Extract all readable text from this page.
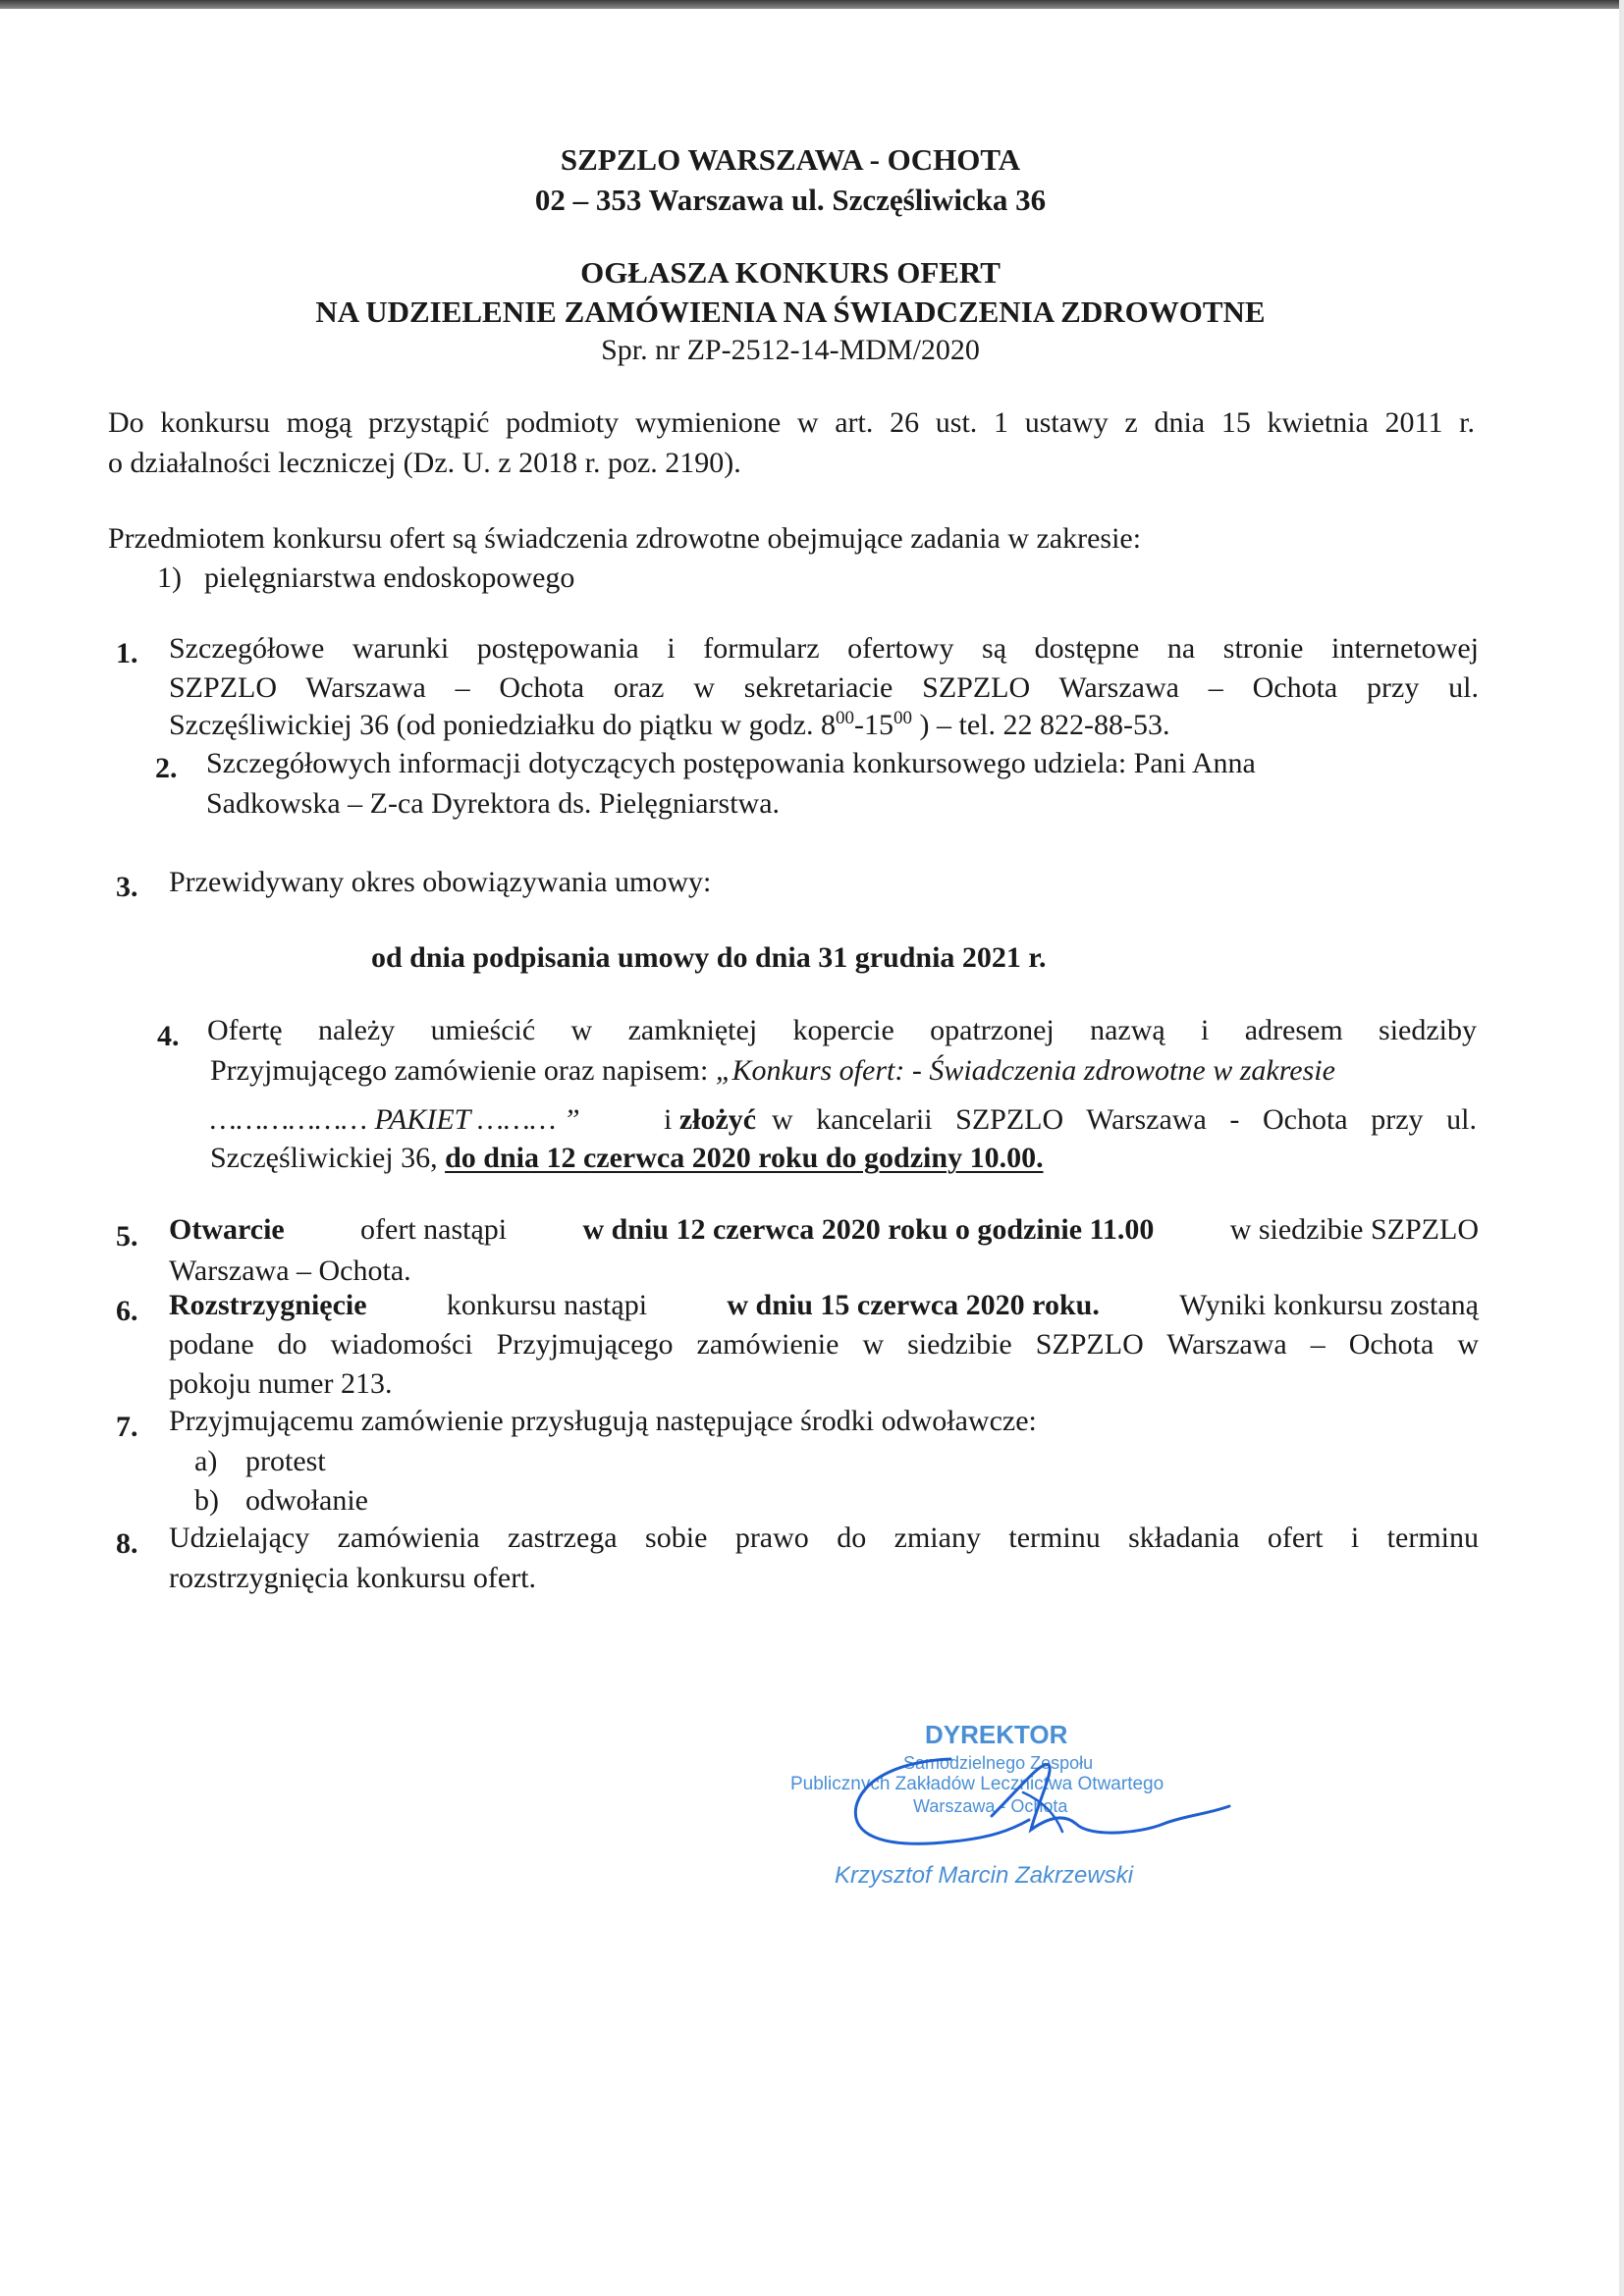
SZPZLO WARSZAWA - OCHOTA
02 – 353 Warszawa ul. Szczęśliwicka 36
OGŁASZA KONKURS OFERT
NA UDZIELENIE ZAMÓWIENIA NA ŚWIADCZENIA ZDROWOTNE
Spr. nr ZP-2512-14-MDM/2020
Do konkursu mogą przystąpić podmioty wymienione w art. 26 ust. 1 ustawy z dnia 15 kwietnia 2011 r.
o działalności leczniczej (Dz. U. z 2018 r. poz. 2190).
Przedmiotem konkursu ofert są świadczenia zdrowotne obejmujące zadania w zakresie:
1) pielęgniarstwa endoskopowego
1. Szczegółowe warunki postępowania i formularz ofertowy są dostępne na stronie internetowej
SZPZLO Warszawa – Ochota oraz w sekretariacie SZPZLO Warszawa – Ochota przy ul.
Szczęśliwickiej 36 (od poniedziałku do piątku w godz. $8^{00}-15^{00}$ ) – tel. 22 822-88-53.
2. Szczegółowych informacji dotyczących postępowania konkursowego udziela: Pani Anna
Sadkowska – Z-ca Dyrektora ds. Pielęgniarstwa.
3. Przewidywany okres obowiązywania umowy:
od dnia podpisania umowy do dnia 31 grudnia 2021 r.
4. Ofertę należy umieścić w zamkniętej kopercie opatrzonej nazwą i adresem siedziby
Przyjmującego zamówienie oraz napisem: „Konkurs ofert: - Świadczenia zdrowotne w zakresie
……………… PAKIET ……… ”	i złożyć w kancelarii SZPZLO Warszawa - Ochota przy ul.
Szczęśliwickiej 36, do dnia 12 czerwca 2020 roku do godziny 10.00.
5. Otwarcie	ofert nastąpi	w dniu 12 czerwca 2020 roku o godzinie 11.00	w siedzibie SZPZLO
Warszawa – Ochota.
6. Rozstrzygnięcie	konkursu nastąpi	w dniu 15 czerwca 2020 roku.	Wyniki konkursu zostaną
podane do wiadomości Przyjmującego zamówienie w siedzibie SZPZLO Warszawa – Ochota w
pokoju numer 213.
7. Przyjmującemu zamówienie przysługują następujące środki odwoławcze:
a) protest
b) odwołanie
8. Udzielający zamówienia zastrzega sobie prawo do zmiany terminu składania ofert i terminu
rozstrzygnięcia konkursu ofert.
DYREKTOR
Samodzielnego Zespołu
Publicznych Zakładów Lecznictwa Otwartego
Warszawa - Ochota
Krzysztof Marcin Zakrzewski
